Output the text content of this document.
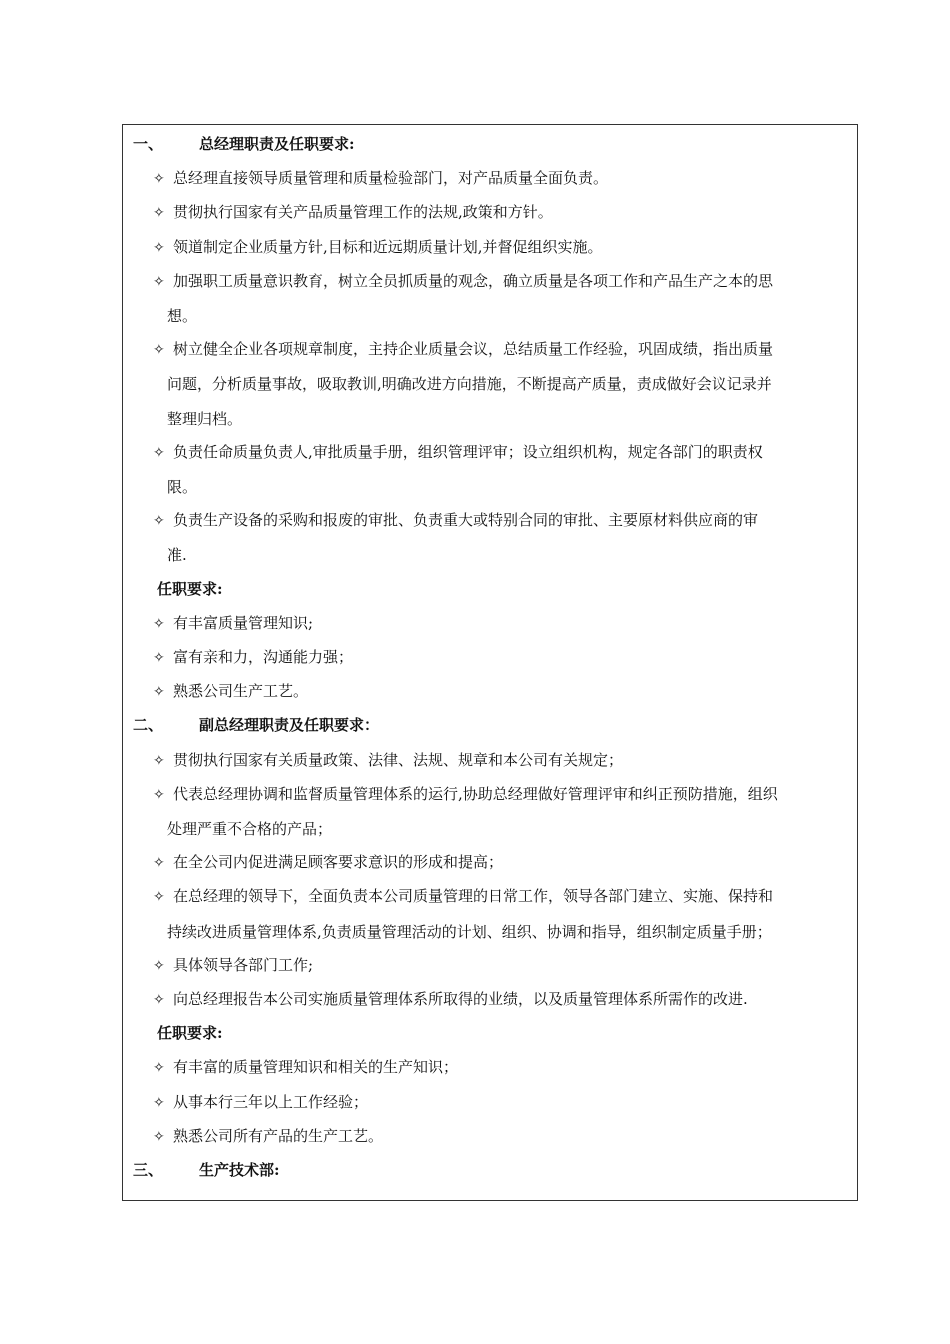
一、 总经理职责及任职要求:
✧ 总经理直接领导质量管理和质量检验部门，对产品质量全面负责。
✧ 贯彻执行国家有关产品质量管理工作的法规,政策和方针。
✧ 领道制定企业质量方针,目标和近远期质量计划,并督促组织实施。
✧ 加强职工质量意识教育，树立全员抓质量的观念，确立质量是各项工作和产品生产之本的思
想。
✧ 树立健全企业各项规章制度，主持企业质量会议，总结质量工作经验，巩固成绩，指出质量
问题，分析质量事故，吸取教训,明确改进方向措施，不断提高产质量，责成做好会议记录并
整理归档。
✧ 负责任命质量负责人,审批质量手册，组织管理评审；设立组织机构，规定各部门的职责权
限。
✧ 负责生产设备的采购和报废的审批、负责重大或特别合同的审批、主要原材料供应商的审
准.
任职要求:
✧ 有丰富质量管理知识;
✧ 富有亲和力，沟通能力强；
✧ 熟悉公司生产工艺。
二、 副总经理职责及任职要求：
✧ 贯彻执行国家有关质量政策、法律、法规、规章和本公司有关规定；
✧ 代表总经理协调和监督质量管理体系的运行,协助总经理做好管理评审和纠正预防措施，组织
处理严重不合格的产品；
✧ 在全公司内促进满足顾客要求意识的形成和提高；
✧ 在总经理的领导下，全面负责本公司质量管理的日常工作，领导各部门建立、实施、保持和
持续改进质量管理体系,负责质量管理活动的计划、组织、协调和指导，组织制定质量手册；
✧ 具体领导各部门工作;
✧ 向总经理报告本公司实施质量管理体系所取得的业绩，以及质量管理体系所需作的改进.
任职要求:
✧ 有丰富的质量管理知识和相关的生产知识；
✧ 从事本行三年以上工作经验；
✧ 熟悉公司所有产品的生产工艺。
三、 生产技术部:
